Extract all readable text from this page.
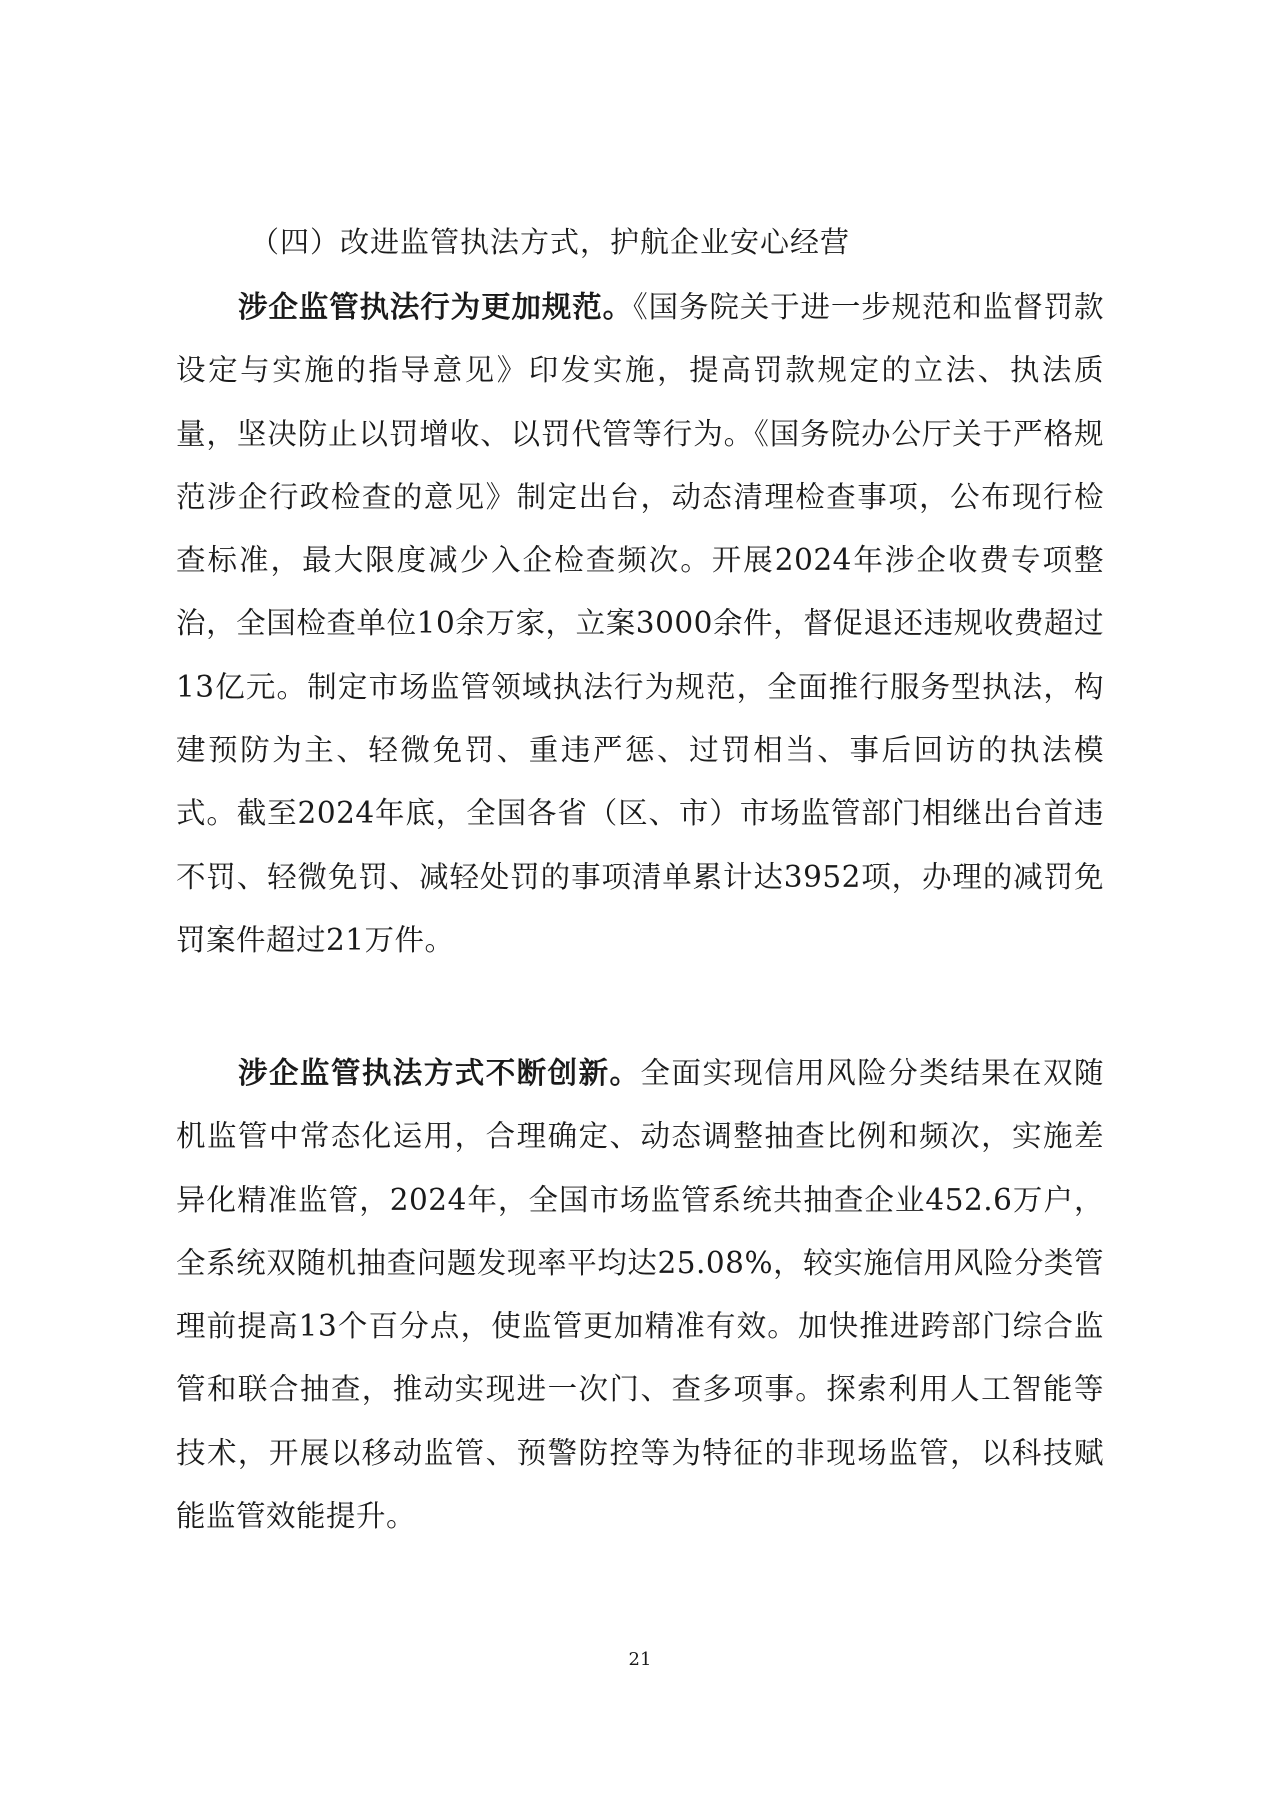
（四）改进监管执法方式，护航企业安心经营

涉企监管执法行为更加规范。《国务院关于进一步规范和监督罚款设定与实施的指导意见》印发实施，提高罚款规定的立法、执法质量，坚决防止以罚增收、以罚代管等行为。《国务院办公厅关于严格规范涉企行政检查的意见》制定出台，动态清理检查事项，公布现行检查标准，最大限度减少入企检查频次。开展2024年涉企收费专项整治，全国检查单位10余万家，立案3000余件，督促退还违规收费超过13亿元。制定市场监管领域执法行为规范，全面推行服务型执法，构建预防为主、轻微免罚、重违严惩、过罚相当、事后回访的执法模式。截至2024年底，全国各省（区、市）市场监管部门相继出台首违不罚、轻微免罚、减轻处罚的事项清单累计达3952项，办理的减罚免罚案件超过21万件。

涉企监管执法方式不断创新。全面实现信用风险分类结果在双随机监管中常态化运用，合理确定、动态调整抽查比例和频次，实施差异化精准监管，2024年，全国市场监管系统共抽查企业452.6万户，全系统双随机抽查问题发现率平均达25.08%，较实施信用风险分类管理前提高13个百分点，使监管更加精准有效。加快推进跨部门综合监管和联合抽查，推动实现进一次门、查多项事。探索利用人工智能等技术，开展以移动监管、预警防控等为特征的非现场监管，以科技赋能监管效能提升。

21
